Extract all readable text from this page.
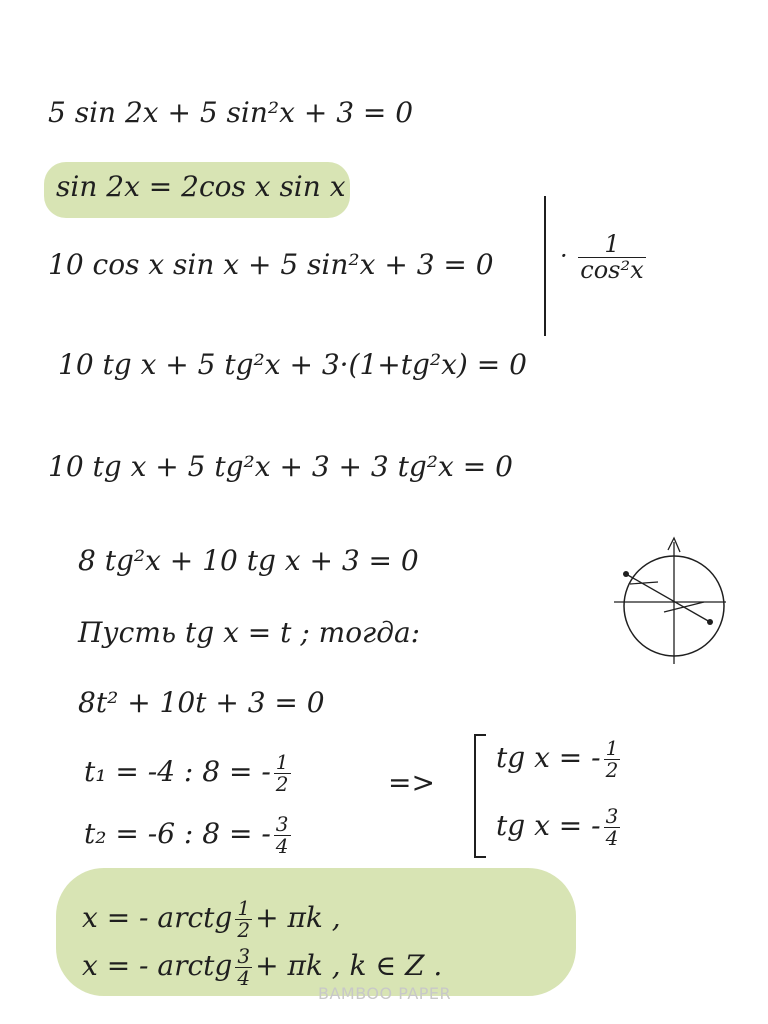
5 sin 2x + 5 sin²x + 3 = 0
sin 2x = 2cos x sin x
10 cos x sin x + 5 sin²x + 3 = 0	· $\frac{1}{\text{cos²x}}$
10 tg x + 5 tg²x + 3·(1+tg²x) = 0
10 tg x + 5 tg²x + 3 + 3 tg²x = 0
8 tg²x + 10 tg x + 3 = 0
Пусть tg x = t ; тогда:
8t² + 10t + 3 = 0
t₁ = -4 : 8 = - $\frac{1}{2}$
t₂ = -6 : 8 = - $\frac{3}{4}$
=>
tg x = - $\frac{1}{2}$
tg x = - $\frac{3}{4}$
x = - arctg $\frac{1}{2} + \pi k$ ,
x = - arctg $\frac{3}{4} + \pi k$ , k ∈ Z .
BAMBOO PAPER
